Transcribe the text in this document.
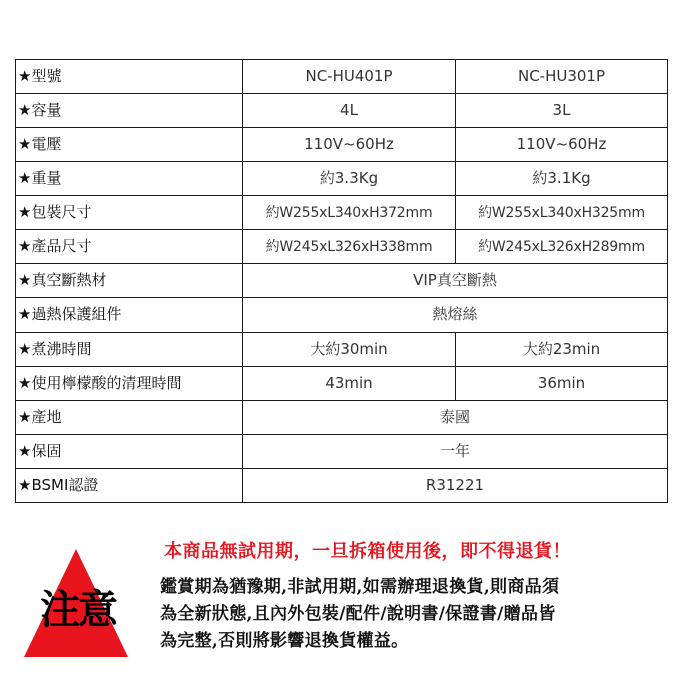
★型號	NC-HU401P	NC-HU301P
★容量	4L	3L
★電壓	110V~60Hz	110V~60Hz
★重量	約3.3Kg	約3.1Kg
★包裝尺寸	約W255xL340xH372mm	約W255xL340xH325mm
★產品尺寸	約W245xL326xH338mm	約W245xL326xH289mm
★真空斷熱材	VIP真空斷熱	
★過熱保護組件	熱熔絲	
★煮沸時間	大約30min	大約23min
★使用檸檬酸的清理時間	43min	36min
★產地	泰國	
★保固	一年	
★BSMI認證	R31221	
注意
本商品無試用期，一旦拆箱使用後，即不得退貨！
鑑賞期為猶豫期,非試用期,如需辦理退換貨,則商品須
為全新狀態,且內外包裝/配件/說明書/保證書/贈品皆
為完整,否則將影響退換貨權益。
